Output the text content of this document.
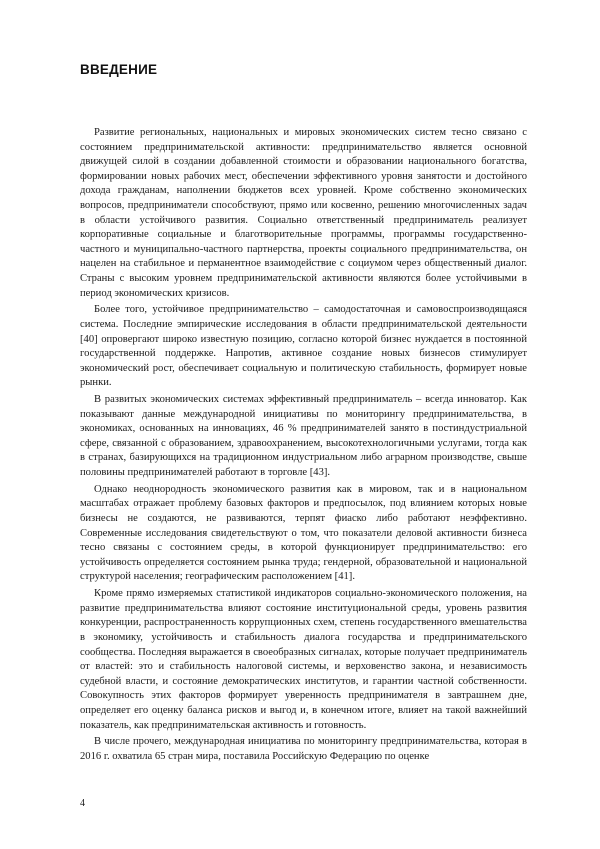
ВВЕДЕНИЕ

Развитие региональных, национальных и мировых экономических систем тесно связано с состоянием предпринимательской активности: предпринимательство является основной движущей силой в создании добавленной стоимости и образовании национального богатства, формировании новых рабочих мест, обеспечении эффективного уровня занятости и достойного дохода гражданам, наполнении бюджетов всех уровней. Кроме собственно экономических вопросов, предприниматели способствуют, прямо или косвенно, решению многочисленных задач в области устойчивого развития. Социально ответственный предприниматель реализует корпоративные социальные и благотворительные программы, программы государственно-частного и муниципально-частного партнерства, проекты социального предпринимательства, он нацелен на стабильное и перманентное взаимодействие с социумом через общественный диалог. Страны с высоким уровнем предпринимательской активности являются более устойчивыми в период экономических кризисов.

Более того, устойчивое предпринимательство – самодостаточная и самовоспроизводящаяся система. Последние эмпирические исследования в области предпринимательской деятельности [40] опровергают широко известную позицию, согласно которой бизнес нуждается в постоянной государственной поддержке. Напротив, активное создание новых бизнесов стимулирует экономический рост, обеспечивает социальную и политическую стабильность, формирует новые рынки.

В развитых экономических системах эффективный предприниматель – всегда инноватор. Как показывают данные международной инициативы по мониторингу предпринимательства, в экономиках, основанных на инновациях, 46 % предпринимателей занято в постиндустриальной сфере, связанной с образованием, здравоохранением, высокотехнологичными услугами, тогда как в странах, базирующихся на традиционном индустриальном либо аграрном производстве, свыше половины предпринимателей работают в торговле [43].

Однако неоднородность экономического развития как в мировом, так и в национальном масштабах отражает проблему базовых факторов и предпосылок, под влиянием которых новые бизнесы не создаются, не развиваются, терпят фиаско либо работают неэффективно. Современные исследования свидетельствуют о том, что показатели деловой активности бизнеса тесно связаны с состоянием среды, в которой функционирует предпринимательство: его устойчивость определяется состоянием рынка труда; гендерной, образовательной и национальной структурой населения; географическим расположением [41].

Кроме прямо измеряемых статистикой индикаторов социально-экономического положения, на развитие предпринимательства влияют состояние институциональной среды, уровень развития конкуренции, распространенность коррупционных схем, степень государственного вмешательства в экономику, устойчивость и стабильность диалога государства и предпринимательского сообщества. Последняя выражается в своеобразных сигналах, которые получает предприниматель от властей: это и стабильность налоговой системы, и верховенство закона, и независимость судебной власти, и состояние демократических институтов, и гарантии частной собственности. Совокупность этих факторов формирует уверенность предпринимателя в завтрашнем дне, определяет его оценку баланса рисков и выгод и, в конечном итоге, влияет на такой важнейший показатель, как предпринимательская активность и готовность.

В числе прочего, международная инициатива по мониторингу предпринимательства, которая в 2016 г. охватила 65 стран мира, поставила Российскую Федерацию по оценке

4
